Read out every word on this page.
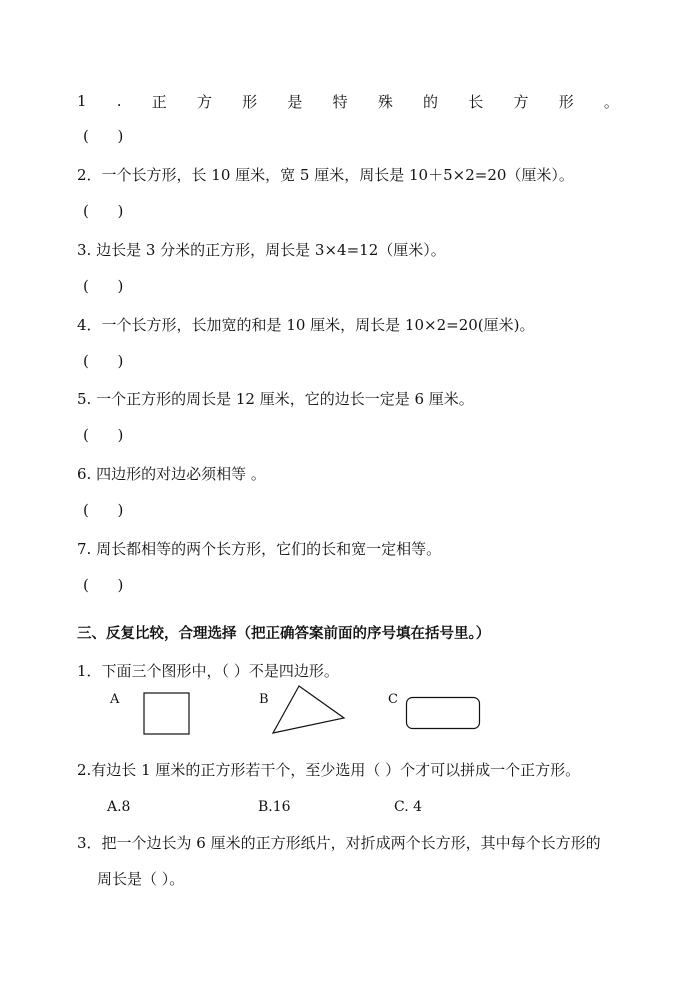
1 . 正 方 形 是 特 殊 的 长 方 形 。
(      )
2．一个长方形，长 10 厘米，宽 5 厘米，周长是 10＋5×2=20（厘米）。
(      )
3. 边长是 3 分米的正方形，周长是 3×4=12（厘米）。
(      )
4．一个长方形，长加宽的和是 10 厘米，周长是 10×2=20(厘米)。
(      )
5. 一个正方形的周长是 12 厘米，它的边长一定是 6 厘米。
(      )
6. 四边形的对边必须相等 。
(      )
7. 周长都相等的两个长方形，它们的长和宽一定相等。
(      )
三、反复比较，合理选择（把正确答案前面的序号填在括号里。）
1．下面三个图形中，（ ）不是四边形。
A	B	C
2.有边长 1 厘米的正方形若干个，至少选用（ ）个才可以拼成一个正方形。
A.8	B.16	C. 4
3．把一个边长为 6 厘米的正方形纸片，对折成两个长方形，其中每个长方形的
周长是（ ）。
